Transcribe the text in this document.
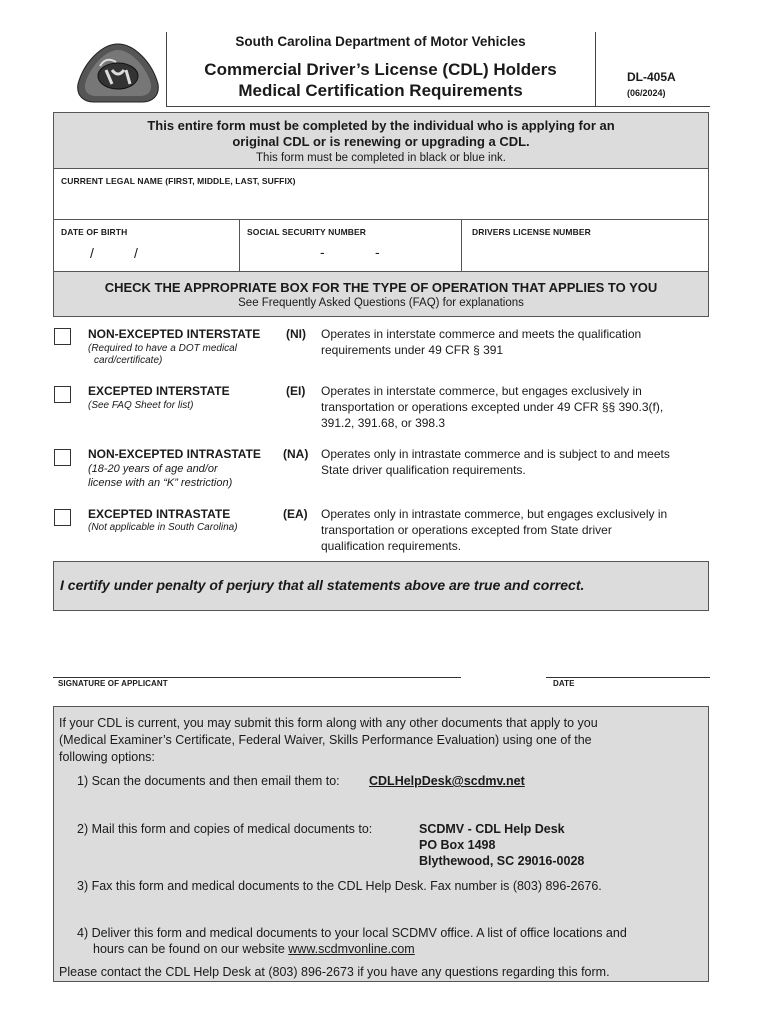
South Carolina Department of Motor Vehicles
Commercial Driver’s License (CDL) Holders
Medical Certification Requirements
DL-405A
(06/2024)
This entire form must be completed by the individual who is applying for an
original CDL or is renewing or upgrading a CDL.
This form must be completed in black or blue ink.
CURRENT LEGAL NAME (FIRST, MIDDLE, LAST, SUFFIX)
DATE OF BIRTH
/	/
SOCIAL SECURITY NUMBER
-	-
DRIVERS LICENSE NUMBER
CHECK THE APPROPRIATE BOX FOR THE TYPE OF OPERATION THAT APPLIES TO YOU
See Frequently Asked Questions (FAQ) for explanations
NON-EXCEPTED INTERSTATE
(Required to have a DOT medical
card/certificate)
(NI) Operates in interstate commerce and meets the qualification
requirements under 49 CFR § 391
EXCEPTED INTERSTATE
(See FAQ Sheet for list)
(EI) Operates in interstate commerce, but engages exclusively in
transportation or operations excepted under 49 CFR §§ 390.3(f),
391.2, 391.68, or 398.3
NON-EXCEPTED INTRASTATE
(18-20 years of age and/or
license with an “K” restriction)
(NA) Operates only in intrastate commerce and is subject to and meets
State driver qualification requirements.
EXCEPTED INTRASTATE
(Not applicable in South Carolina)
(EA) Operates only in intrastate commerce, but engages exclusively in
transportation or operations excepted from State driver
qualification requirements.
I certify under penalty of perjury that all statements above are true and correct.
SIGNATURE OF APPLICANT	DATE
If your CDL is current, you may submit this form along with any other documents that apply to you
(Medical Examiner’s Certificate, Federal Waiver, Skills Performance Evaluation) using one of the
following options:
1) Scan the documents and then email them to: CDLHelpDesk@scdmv.net
2) Mail this form and copies of medical documents to:	SCDMV - CDL Help Desk
PO Box 1498
Blythewood, SC 29016-0028
3) Fax this form and medical documents to the CDL Help Desk. Fax number is (803) 896-2676.
4) Deliver this form and medical documents to your local SCDMV office. A list of office locations and
hours can be found on our website www.scdmvonline.com
Please contact the CDL Help Desk at (803) 896-2673 if you have any questions regarding this form.
